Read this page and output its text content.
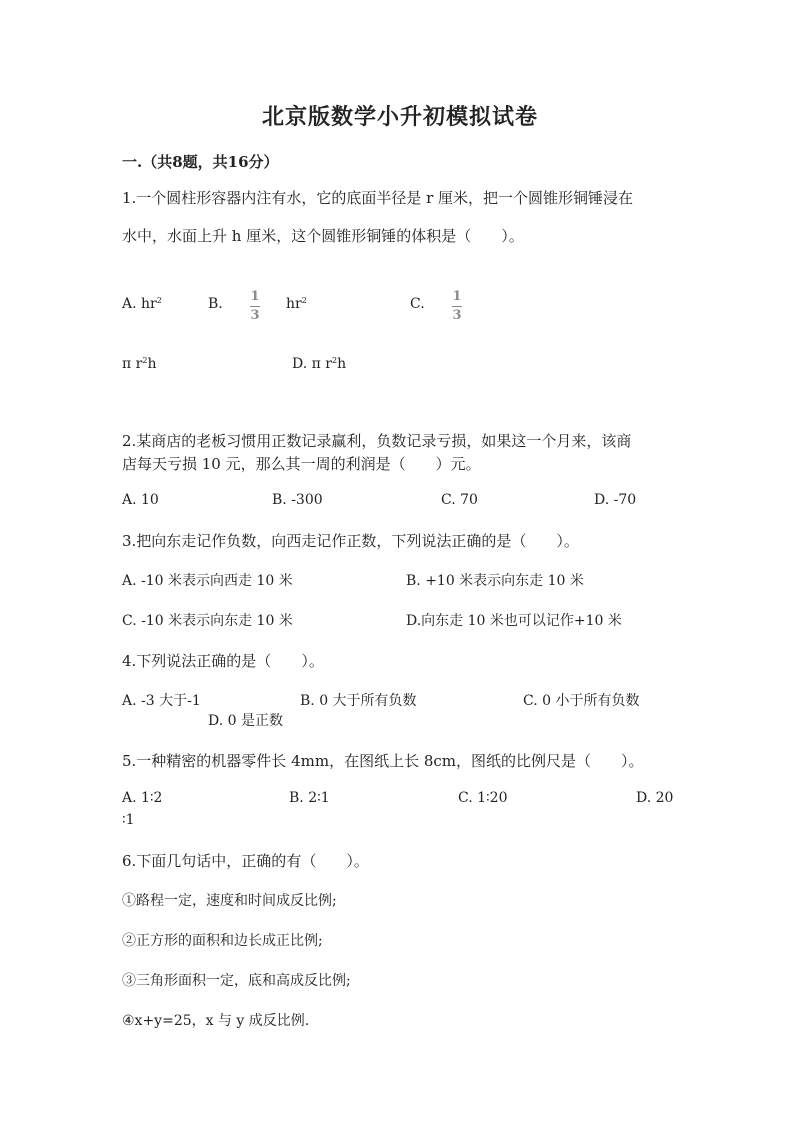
北京版数学小升初模拟试卷
一.（共8题，共16分）
1.一个圆柱形容器内注有水，它的底面半径是 r 厘米，把一个圆锥形铜锤浸在
水中，水面上升 h 厘米，这个圆锥形铜锤的体积是（　　）。
A. $hr^2$	B. 1
3
$hr^2$	C. 1
3
π $r^2h$	D. π $r^2h$
2.某商店的老板习惯用正数记录赢利，负数记录亏损，如果这一个月来，该商
店每天亏损 10 元，那么其一周的利润是（　　）元。
A. 10	B. -300	C. 70	D. -70
3.把向东走记作负数，向西走记作正数，下列说法正确的是（　　）。
A. -10 米表示向西走 10 米	B. +10 米表示向东走 10 米
C. -10 米表示向东走 10 米	D.向东走 10 米也可以记作+10 米
4.下列说法正确的是（　　）。
A. -3 大于-1	B. 0 大于所有负数	C. 0 小于所有负数
D. 0 是正数
5.一种精密的机器零件长 4mm，在图纸上长 8cm，图纸的比例尺是（　　）。
A. 1∶2	B. 2∶1	C. 1∶20	D. 20
∶1
6.下面几句话中，正确的有（　　）。
①路程一定，速度和时间成反比例;
②正方形的面积和边长成正比例;
③三角形面积一定，底和高成反比例;
④x+y=25，x 与 y 成反比例.
